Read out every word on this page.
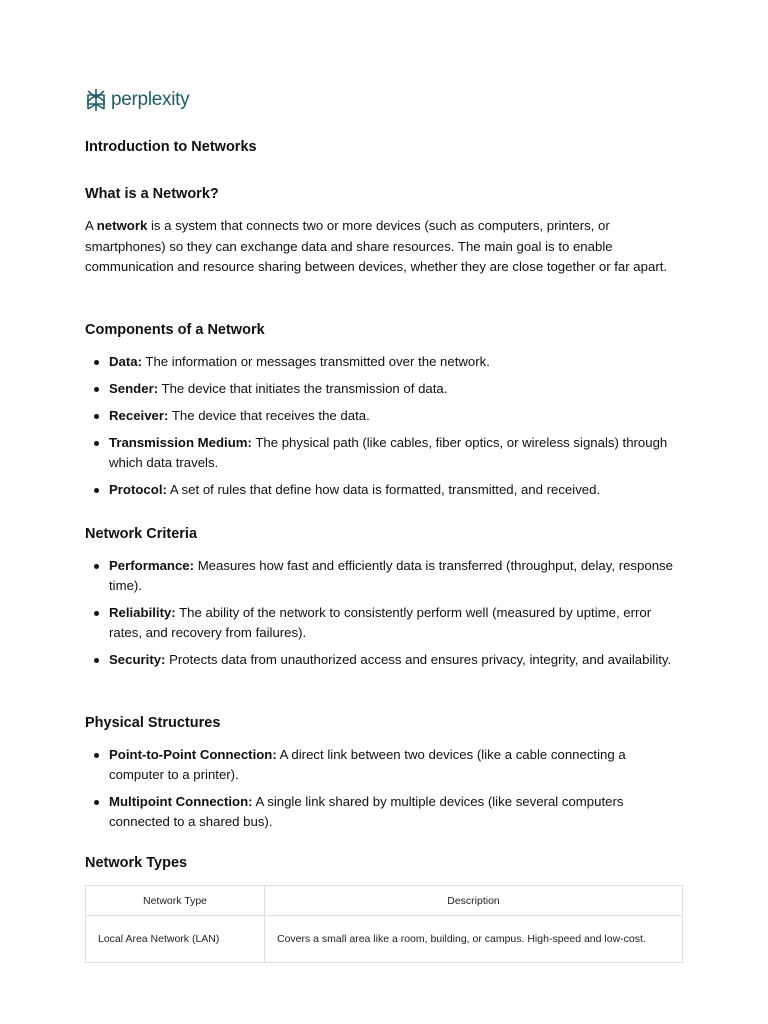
perplexity
Introduction to Networks
What is a Network?

A network is a system that connects two or more devices (such as computers, printers, or smartphones) so they can exchange data and share resources. The main goal is to enable communication and resource sharing between devices, whether they are close together or far apart.

Components of a Network
Data: The information or messages transmitted over the network.
Sender: The device that initiates the transmission of data.
Receiver: The device that receives the data.
Transmission Medium: The physical path (like cables, fiber optics, or wireless signals) through which data travels.
Protocol: A set of rules that define how data is formatted, transmitted, and received.
Network Criteria
Performance: Measures how fast and efficiently data is transferred (throughput, delay, response time).
Reliability: The ability of the network to consistently perform well (measured by uptime, error rates, and recovery from failures).
Security: Protects data from unauthorized access and ensures privacy, integrity, and availability.
Physical Structures
Point-to-Point Connection: A direct link between two devices (like a cable connecting a computer to a printer).
Multipoint Connection: A single link shared by multiple devices (like several computers connected to a shared bus).
Network Types
Network Type	Description
Local Area Network (LAN)	Covers a small area like a room, building, or campus. High-speed and low-cost.
